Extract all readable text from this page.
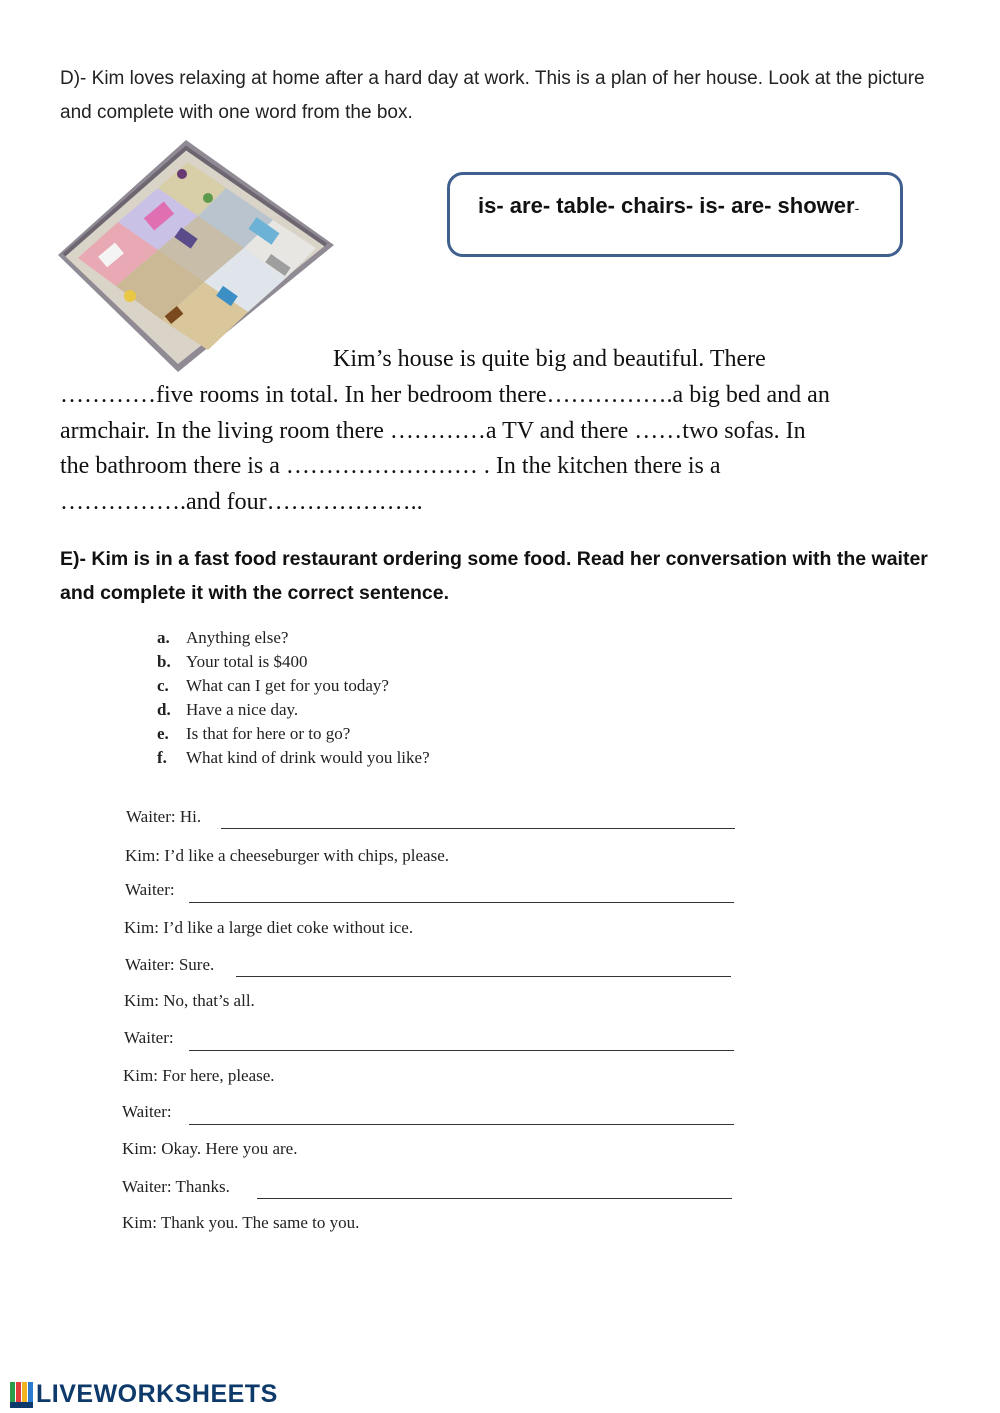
D)- Kim loves relaxing at home after a hard day at work. This is a plan of her house. Look at the picture and complete with one word from the box.
is- are- table- chairs- is- are- shower-
Kim’s house is quite big and beautiful. There
…………five rooms in total. In her bedroom there…………….a big bed and an
armchair. In the living room there …………a TV and there ……two sofas. In
the bathroom there is a …………………… . In the kitchen there is a
…………….and four………………..
E)- Kim is in a fast food restaurant ordering some food. Read her conversation with the waiter and complete it with the correct sentence.
a. Anything else?
b. Your total is $400
c. What can I get for you today?
d. Have a nice day.
e. Is that for here or to go?
f. What kind of drink would you like?
Waiter: Hi.
Kim: I’d like a cheeseburger with chips, please.
Waiter:
Kim: I’d like a large diet coke without ice.
Waiter: Sure.
Kim: No, that’s all.
Waiter:
Kim: For here, please.
Waiter:
Kim: Okay. Here you are.
Waiter: Thanks.
Kim: Thank you. The same to you.
LIVEWORKSHEETS
